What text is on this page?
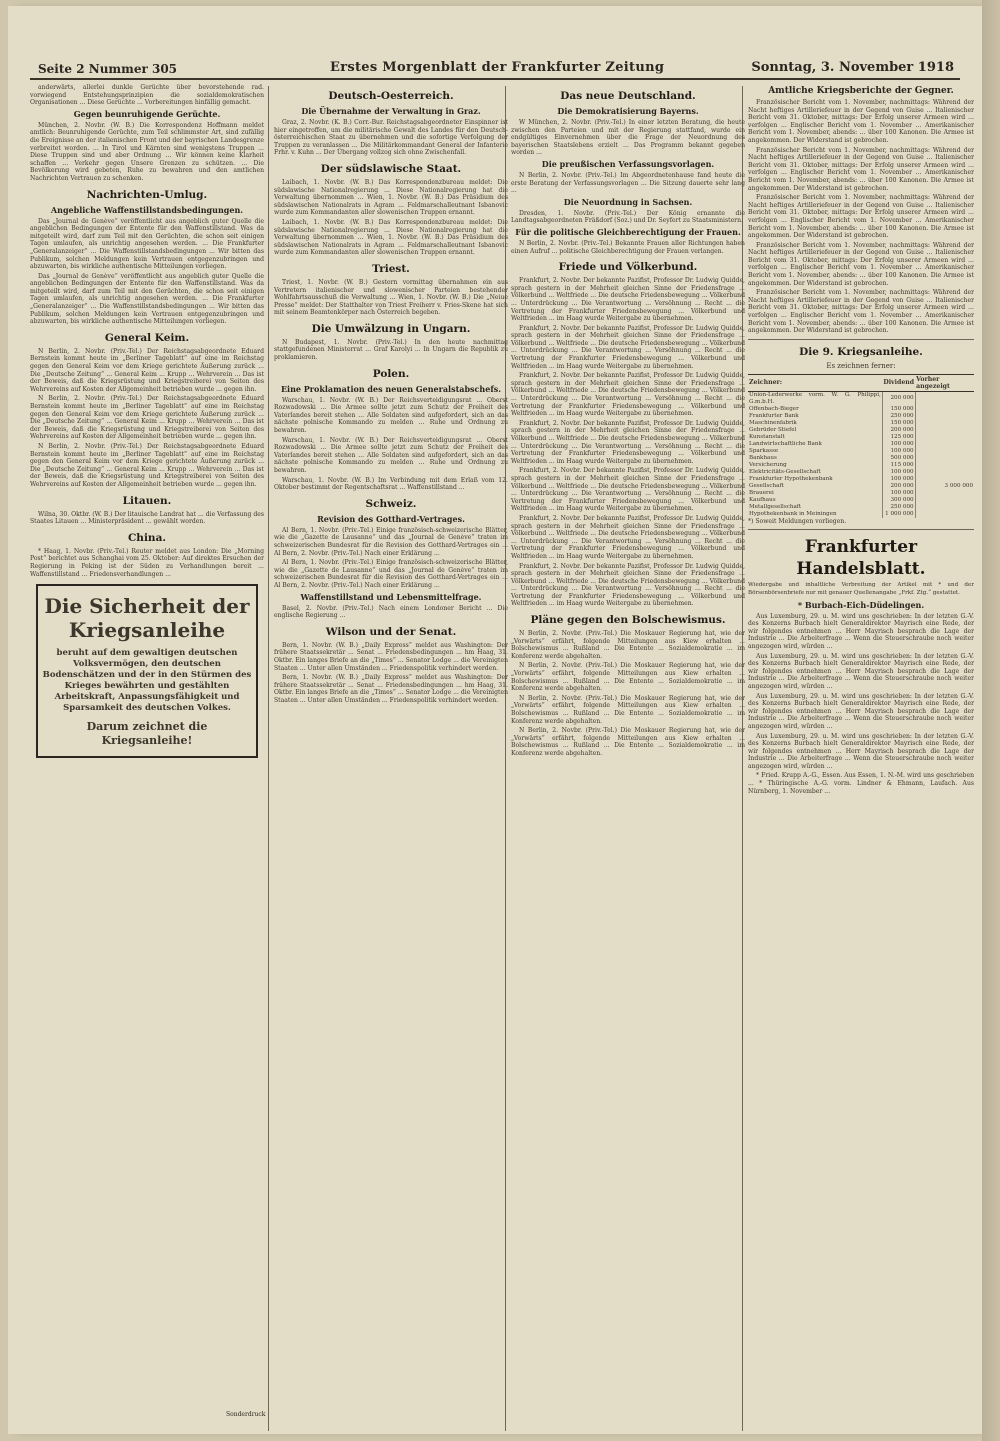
Seite 2 Nummer 305	Erstes Morgenblatt der Frankfurter Zeitung	Sonntag, 3. November 1918

anderwärts, allerlei dunkle Gerüchte über bevorstehende rad. vorwiegend Entstehungsprinzipien die sozialdemokratischen Organisationen ... Diese Gerüchte ... Vorbereitungen hinfällig gemacht.

Gegen beunruhigende Gerüchte.

München, 2. Novbr. (W. B.) Die Korrespondenz Hoffmann meldet amtlich: Beunruhigende Gerüchte, zum Teil schlimmster Art, sind zufällig die Ereignisse an der italienischen Front und der bayrischen Landesgrenze verbreitet worden. ... In Tirol und Kärnten sind wenigstens Truppen ... Diese Truppen sind und aber Ordnung ... Wir können keine Klarheit schaffen ... Verkehr gegen Unsere Grenzen zu schützen. ... Die Bevölkerung wird gebeten, Ruhe zu bewahren und den amtlichen Nachrichten Vertrauen zu schenken.

Nachrichten-Umlug.
Angebliche Waffenstillstandsbedingungen.

Das „Journal de Genève“ veröffentlicht aus angeblich guter Quelle die angeblichen Bedingungen der Entente für den Waffenstillstand. Was da mitgeteilt wird, darf zum Teil mit den Gerüchten, die schon seit einigen Tagen umlaufen, als unrichtig angesehen werden. ... Die Frankfurter „Generalanzeiger“ ... Die Waffenstillstandsbedingungen ... Wir bitten das Publikum, solchen Meldungen kein Vertrauen entgegenzubringen und abzuwarten, bis wirkliche authentische Mitteilungen vorliegen.

Das „Journal de Genève“ veröffentlicht aus angeblich guter Quelle die angeblichen Bedingungen der Entente für den Waffenstillstand. Was da mitgeteilt wird, darf zum Teil mit den Gerüchten, die schon seit einigen Tagen umlaufen, als unrichtig angesehen werden. ... Die Frankfurter „Generalanzeiger“ ... Die Waffenstillstandsbedingungen ... Wir bitten das Publikum, solchen Meldungen kein Vertrauen entgegenzubringen und abzuwarten, bis wirkliche authentische Mitteilungen vorliegen.

General Keim.

N Berlin, 2. Novbr. (Priv.-Tel.) Der Reichstagsabgeordnete Eduard Bernstein kommt heute im „Berliner Tageblatt“ auf eine im Reichstag gegen den General Keim vor dem Kriege gerichtete Äußerung zurück ... Die „Deutsche Zeitung“ ... General Keim ... Krupp ... Wehrverein ... Das ist der Beweis, daß die Kriegsrüstung und Kriegstreiberei von Seiten des Wehrvereins auf Kosten der Allgemeinheit betrieben wurde ... gegen ihn.

N Berlin, 2. Novbr. (Priv.-Tel.) Der Reichstagsabgeordnete Eduard Bernstein kommt heute im „Berliner Tageblatt“ auf eine im Reichstag gegen den General Keim vor dem Kriege gerichtete Äußerung zurück ... Die „Deutsche Zeitung“ ... General Keim ... Krupp ... Wehrverein ... Das ist der Beweis, daß die Kriegsrüstung und Kriegstreiberei von Seiten des Wehrvereins auf Kosten der Allgemeinheit betrieben wurde ... gegen ihn.

N Berlin, 2. Novbr. (Priv.-Tel.) Der Reichstagsabgeordnete Eduard Bernstein kommt heute im „Berliner Tageblatt“ auf eine im Reichstag gegen den General Keim vor dem Kriege gerichtete Äußerung zurück ... Die „Deutsche Zeitung“ ... General Keim ... Krupp ... Wehrverein ... Das ist der Beweis, daß die Kriegsrüstung und Kriegstreiberei von Seiten des Wehrvereins auf Kosten der Allgemeinheit betrieben wurde ... gegen ihn.

Litauen.

Wilna, 30. Oktbr. (W. B.) Der litauische Landrat hat ... die Verfassung des Staates Litauen ... Ministerpräsident ... gewählt worden.

China.

* Haag, 1. Novbr. (Priv.-Tel.) Reuter meldet aus London: Die „Morning Post“ berichtet aus Schanghai vom 25. Oktober: Auf direktes Ersuchen der Regierung in Peking ist der Süden zu Verhandlungen bereit ... Waffenstillstand ... Friedensverhandlungen ...

Die Sicherheit der Kriegsanleihe
beruht auf dem gewaltigen deutschen Volksvermögen, den deutschen Bodenschätzen und der in den Stürmen des Krieges bewährten und gestählten Arbeitskraft, Anpassungsfähigkeit und Sparsamkeit des deutschen Volkes.
Darum zeichnet die Kriegsanleihe!
Deutsch-Oesterreich.
Die Übernahme der Verwaltung in Graz.

Graz, 2. Novbr. (K. B.) Corr.-Bur. Reichstagsabgeordneter Einspinner ist hier eingetroffen, um die militärische Gewalt des Landes für den Deutsch-österreichischen Staat zu übernehmen und die sofortige Verfolgung der Truppen zu veranlassen ... Die Militärkommandant General der Infanterie Frhr. v. Kuhn ... Der Übergang vollzog sich ohne Zwischenfall.

Der südslawische Staat.

Laibach, 1. Novbr. (W. B.) Das Korrespondenzbureau meldet: Die südslawische Nationalregierung ... Diese Nationalregierung hat die Verwaltung übernommen ... Wien, 1. Novbr. (W. B.) Das Präsidium des südslawischen Nationalrats in Agram ... Feldmarschalleutnant Isbanovic wurde zum Kommandanten aller slowenischen Truppen ernannt.

Laibach, 1. Novbr. (W. B.) Das Korrespondenzbureau meldet: Die südslawische Nationalregierung ... Diese Nationalregierung hat die Verwaltung übernommen ... Wien, 1. Novbr. (W. B.) Das Präsidium des südslawischen Nationalrats in Agram ... Feldmarschalleutnant Isbanovic wurde zum Kommandanten aller slowenischen Truppen ernannt.

Triest.

Triest, 1. Novbr. (W. B.) Gestern vormittag übernahmen ein aus Vertretern italienischer und slowenischer Parteien bestehender Wohlfahrtsausschuß die Verwaltung ... Wien, 1. Novbr. (W. B.) Die „Neiue Presse“ meldet: Der Statthalter von Triest Freiherr v. Fries-Skene hat sich mit seinem Beamtenkörper nach Österreich begeben.

Die Umwälzung in Ungarn.

N Budapest, 1. Novbr. (Priv.-Tel.) In den heute nachmittag stattgefundenen Ministerrat ... Graf Karolyi ... In Ungarn die Republik zu proklamieren.

Polen.
Eine Proklamation des neuen Generalstabschefs.

Warschau, 1. Novbr. (W. B.) Der Reichsverteidigungsrat ... Oberst Rozwadowski ... Die Armee sollte jetzt zum Schutz der Freiheit des Vaterlandes bereit stehen ... Alle Soldaten sind aufgefordert, sich an das nächste polnische Kommando zu melden ... Ruhe und Ordnung zu bewahren.

Warschau, 1. Novbr. (W. B.) Der Reichsverteidigungsrat ... Oberst Rozwadowski ... Die Armee sollte jetzt zum Schutz der Freiheit des Vaterlandes bereit stehen ... Alle Soldaten sind aufgefordert, sich an das nächste polnische Kommando zu melden ... Ruhe und Ordnung zu bewahren.

Warschau, 1. Novbr. (W. B.) Im Verbindung mit dem Erlaß vom 12. Oktober bestimmt der Regentschaftsrat ... Waffenstillstand ...

Schweiz.
Revision des Gotthard-Vertrages.

Al Bern, 1. Novbr. (Priv.-Tel.) Einige französisch-schweizerische Blätter, wie die „Gazette de Lausanne“ und das „Journal de Genève“ traten im schweizerischen Bundesrat für die Revision des Gotthard-Vertrages ein ... Al Bern, 2. Novbr. (Priv.-Tel.) Nach einer Erklärung ...

Al Bern, 1. Novbr. (Priv.-Tel.) Einige französisch-schweizerische Blätter, wie die „Gazette de Lausanne“ und das „Journal de Genève“ traten im schweizerischen Bundesrat für die Revision des Gotthard-Vertrages ein ... Al Bern, 2. Novbr. (Priv.-Tel.) Nach einer Erklärung ...

Waffenstillstand und Lebensmittelfrage.

Basel, 2. Novbr. (Priv.-Tel.) Nach einem Londoner Bericht ... Die englische Regierung ...

Wilson und der Senat.

Bern, 1. Novbr. (W. B.) „Daily Express“ meldet aus Washington: Der frühere Staatssekretär ... Senat ... Friedensbedingungen ... hm Haag, 31. Oktbr. Ein langes Briefe an die „Times“ ... Senator Lodge ... die Vereinigten Staaten ... Unter allen Umständen ... Friedenspolitik verhindert werden.

Bern, 1. Novbr. (W. B.) „Daily Express“ meldet aus Washington: Der frühere Staatssekretär ... Senat ... Friedensbedingungen ... hm Haag, 31. Oktbr. Ein langes Briefe an die „Times“ ... Senator Lodge ... die Vereinigten Staaten ... Unter allen Umständen ... Friedenspolitik verhindert werden.

Das neue Deutschland.
Die Demokratisierung Bayerns.

W München, 2. Novbr. (Priv.-Tel.) In einer letzten Beratung, die heute zwischen den Parteien und mit der Regierung stattfand, wurde ein endgültiges Einvernehmen über die Frage der Neuordnung des bayerischen Staatslebens erzielt ... Das Programm bekannt gegeben worden ...

Die preußischen Verfassungsvorlagen.

N Berlin, 2. Novbr. (Priv.-Tel.) Im Abgeordnetenhause fand heute die erste Beratung der Verfassungsvorlagen ... Die Sitzung dauerte sehr lang ...

Die Neuordnung in Sachsen.

Dresden, 1. Novbr. (Priv.-Tel.) Der König ernannte die Landtagsabgeordneten Fräßdorf (Soz.) und Dr. Seyfert zu Staatsministern.

Für die politische Gleichberechtigung der Frauen.

N Berlin, 2. Novbr. (Priv.-Tel.) Bekannte Frauen aller Richtungen haben einen Aufruf ... politische Gleichberechtigung der Frauen verlangen.

Friede und Völkerbund.

Frankfurt, 2. Novbr. Der bekannte Pazifist, Professor Dr. Ludwig Quidde, sprach gestern in der Mehrheit gleichen Sinne der Friedensfrage ... Völkerbund ... Weltfriede ... Die deutsche Friedensbewegung ... Völkerbund ... Unterdrückung ... Die Verantwortung ... Versöhnung ... Recht ... die Vertretung der Frankfurter Friedensbewegung ... Völkerbund und Weltfrieden ... im Haag wurde Weitergabe zu übernehmen.

Frankfurt, 2. Novbr. Der bekannte Pazifist, Professor Dr. Ludwig Quidde, sprach gestern in der Mehrheit gleichen Sinne der Friedensfrage ... Völkerbund ... Weltfriede ... Die deutsche Friedensbewegung ... Völkerbund ... Unterdrückung ... Die Verantwortung ... Versöhnung ... Recht ... die Vertretung der Frankfurter Friedensbewegung ... Völkerbund und Weltfrieden ... im Haag wurde Weitergabe zu übernehmen.

Frankfurt, 2. Novbr. Der bekannte Pazifist, Professor Dr. Ludwig Quidde, sprach gestern in der Mehrheit gleichen Sinne der Friedensfrage ... Völkerbund ... Weltfriede ... Die deutsche Friedensbewegung ... Völkerbund ... Unterdrückung ... Die Verantwortung ... Versöhnung ... Recht ... die Vertretung der Frankfurter Friedensbewegung ... Völkerbund und Weltfrieden ... im Haag wurde Weitergabe zu übernehmen.

Frankfurt, 2. Novbr. Der bekannte Pazifist, Professor Dr. Ludwig Quidde, sprach gestern in der Mehrheit gleichen Sinne der Friedensfrage ... Völkerbund ... Weltfriede ... Die deutsche Friedensbewegung ... Völkerbund ... Unterdrückung ... Die Verantwortung ... Versöhnung ... Recht ... die Vertretung der Frankfurter Friedensbewegung ... Völkerbund und Weltfrieden ... im Haag wurde Weitergabe zu übernehmen.

Frankfurt, 2. Novbr. Der bekannte Pazifist, Professor Dr. Ludwig Quidde, sprach gestern in der Mehrheit gleichen Sinne der Friedensfrage ... Völkerbund ... Weltfriede ... Die deutsche Friedensbewegung ... Völkerbund ... Unterdrückung ... Die Verantwortung ... Versöhnung ... Recht ... die Vertretung der Frankfurter Friedensbewegung ... Völkerbund und Weltfrieden ... im Haag wurde Weitergabe zu übernehmen.

Frankfurt, 2. Novbr. Der bekannte Pazifist, Professor Dr. Ludwig Quidde, sprach gestern in der Mehrheit gleichen Sinne der Friedensfrage ... Völkerbund ... Weltfriede ... Die deutsche Friedensbewegung ... Völkerbund ... Unterdrückung ... Die Verantwortung ... Versöhnung ... Recht ... die Vertretung der Frankfurter Friedensbewegung ... Völkerbund und Weltfrieden ... im Haag wurde Weitergabe zu übernehmen.

Frankfurt, 2. Novbr. Der bekannte Pazifist, Professor Dr. Ludwig Quidde, sprach gestern in der Mehrheit gleichen Sinne der Friedensfrage ... Völkerbund ... Weltfriede ... Die deutsche Friedensbewegung ... Völkerbund ... Unterdrückung ... Die Verantwortung ... Versöhnung ... Recht ... die Vertretung der Frankfurter Friedensbewegung ... Völkerbund und Weltfrieden ... im Haag wurde Weitergabe zu übernehmen.

Pläne gegen den Bolschewismus.

N Berlin, 2. Novbr. (Priv.-Tel.) Die Moskauer Regierung hat, wie der „Vorwärts“ erfährt, folgende Mitteilungen aus Kiew erhalten ... Bolschewismus ... Rußland ... Die Entente ... Sozialdemokratie ... im Konferenz werde abgehalten.

N Berlin, 2. Novbr. (Priv.-Tel.) Die Moskauer Regierung hat, wie der „Vorwärts“ erfährt, folgende Mitteilungen aus Kiew erhalten ... Bolschewismus ... Rußland ... Die Entente ... Sozialdemokratie ... im Konferenz werde abgehalten.

N Berlin, 2. Novbr. (Priv.-Tel.) Die Moskauer Regierung hat, wie der „Vorwärts“ erfährt, folgende Mitteilungen aus Kiew erhalten ... Bolschewismus ... Rußland ... Die Entente ... Sozialdemokratie ... im Konferenz werde abgehalten.

N Berlin, 2. Novbr. (Priv.-Tel.) Die Moskauer Regierung hat, wie der „Vorwärts“ erfährt, folgende Mitteilungen aus Kiew erhalten ... Bolschewismus ... Rußland ... Die Entente ... Sozialdemokratie ... im Konferenz werde abgehalten.

Amtliche Kriegsberichte der Gegner.

Französischer Bericht vom 1. November, nachmittags: Während der Nacht heftiges Artilleriefeuer in der Gegend von Guise ... Italienischer Bericht vom 31. Oktober, mittags: Der Erfolg unserer Armeen wird ... verfolgen ... Englischer Bericht vom 1. November ... Amerikanischer Bericht vom 1. November, abends: ... über 100 Kanonen. Die Armee ist angekommen. Der Widerstand ist gebrochen.

Französischer Bericht vom 1. November, nachmittags: Während der Nacht heftiges Artilleriefeuer in der Gegend von Guise ... Italienischer Bericht vom 31. Oktober, mittags: Der Erfolg unserer Armeen wird ... verfolgen ... Englischer Bericht vom 1. November ... Amerikanischer Bericht vom 1. November, abends: ... über 100 Kanonen. Die Armee ist angekommen. Der Widerstand ist gebrochen.

Französischer Bericht vom 1. November, nachmittags: Während der Nacht heftiges Artilleriefeuer in der Gegend von Guise ... Italienischer Bericht vom 31. Oktober, mittags: Der Erfolg unserer Armeen wird ... verfolgen ... Englischer Bericht vom 1. November ... Amerikanischer Bericht vom 1. November, abends: ... über 100 Kanonen. Die Armee ist angekommen. Der Widerstand ist gebrochen.

Französischer Bericht vom 1. November, nachmittags: Während der Nacht heftiges Artilleriefeuer in der Gegend von Guise ... Italienischer Bericht vom 31. Oktober, mittags: Der Erfolg unserer Armeen wird ... verfolgen ... Englischer Bericht vom 1. November ... Amerikanischer Bericht vom 1. November, abends: ... über 100 Kanonen. Die Armee ist angekommen. Der Widerstand ist gebrochen.

Französischer Bericht vom 1. November, nachmittags: Während der Nacht heftiges Artilleriefeuer in der Gegend von Guise ... Italienischer Bericht vom 31. Oktober, mittags: Der Erfolg unserer Armeen wird ... verfolgen ... Englischer Bericht vom 1. November ... Amerikanischer Bericht vom 1. November, abends: ... über 100 Kanonen. Die Armee ist angekommen. Der Widerstand ist gebrochen.

Die 9. Kriegsanleihe.
Es zeichnen ferner:
Zeichner:	Dividend	Vorher angezeigt
Union-Lederwerke vorm. W. G. Philippi, G.m.b.H.	200 000	
Offenbach-Bieger	150 000	
Frankfurter Bank	250 000	
Maschinenfabrik	150 000	
Gebrüder Stiefel	200 000	
Kunstanstalt	125 000	
Landwirtschaftliche Bank	100 000	
Sparkasse	100 000	
Bankhaus	500 000	
Versicherung	115 000	
Elektricitäts-Gesellschaft	100 000	
Frankfurter Hypothekenbank	100 000	
Gesellschaft	200 000	3 000 000
Brauerei	100 000	
Kaufhaus	300 000	
Metallgesellschaft	250 000	
Hypothekenbank in Meiningen	1 000 000	

*) Soweit Meldungen vorliegen.

Frankfurter Handelsblatt.

Wiedergabe und inhaltliche Verbreitung der Artikel mit * und der Börsenbörsenbriefe nur mit genauer Quellenangabe „Frkf. Ztg.“ gestattet.

* Burbach-Eich-Düdelingen.

Aus Luxemburg, 29. u. M. wird uns geschrieben: In der letzten G.-V. des Konzerns Burbach hielt Generaldirektor Mayrisch eine Rede, der wir folgendes entnehmen ... Herr Mayrisch besprach die Lage der Industrie ... Die Arbeiterfrage ... Wenn die Steuerschraube noch weiter angezogen wird, würden ...

Aus Luxemburg, 29. u. M. wird uns geschrieben: In der letzten G.-V. des Konzerns Burbach hielt Generaldirektor Mayrisch eine Rede, der wir folgendes entnehmen ... Herr Mayrisch besprach die Lage der Industrie ... Die Arbeiterfrage ... Wenn die Steuerschraube noch weiter angezogen wird, würden ...

Aus Luxemburg, 29. u. M. wird uns geschrieben: In der letzten G.-V. des Konzerns Burbach hielt Generaldirektor Mayrisch eine Rede, der wir folgendes entnehmen ... Herr Mayrisch besprach die Lage der Industrie ... Die Arbeiterfrage ... Wenn die Steuerschraube noch weiter angezogen wird, würden ...

Aus Luxemburg, 29. u. M. wird uns geschrieben: In der letzten G.-V. des Konzerns Burbach hielt Generaldirektor Mayrisch eine Rede, der wir folgendes entnehmen ... Herr Mayrisch besprach die Lage der Industrie ... Die Arbeiterfrage ... Wenn die Steuerschraube noch weiter angezogen wird, würden ...

* Fried. Krupp A.-G., Essen. Aus Essen, 1. N.-M. wird uns geschrieben ... * Thüringische A.-G. vorm. Lindner & Ehmann, Laufach. Aus Nürnberg, 1. November ...

Sonderdruck
